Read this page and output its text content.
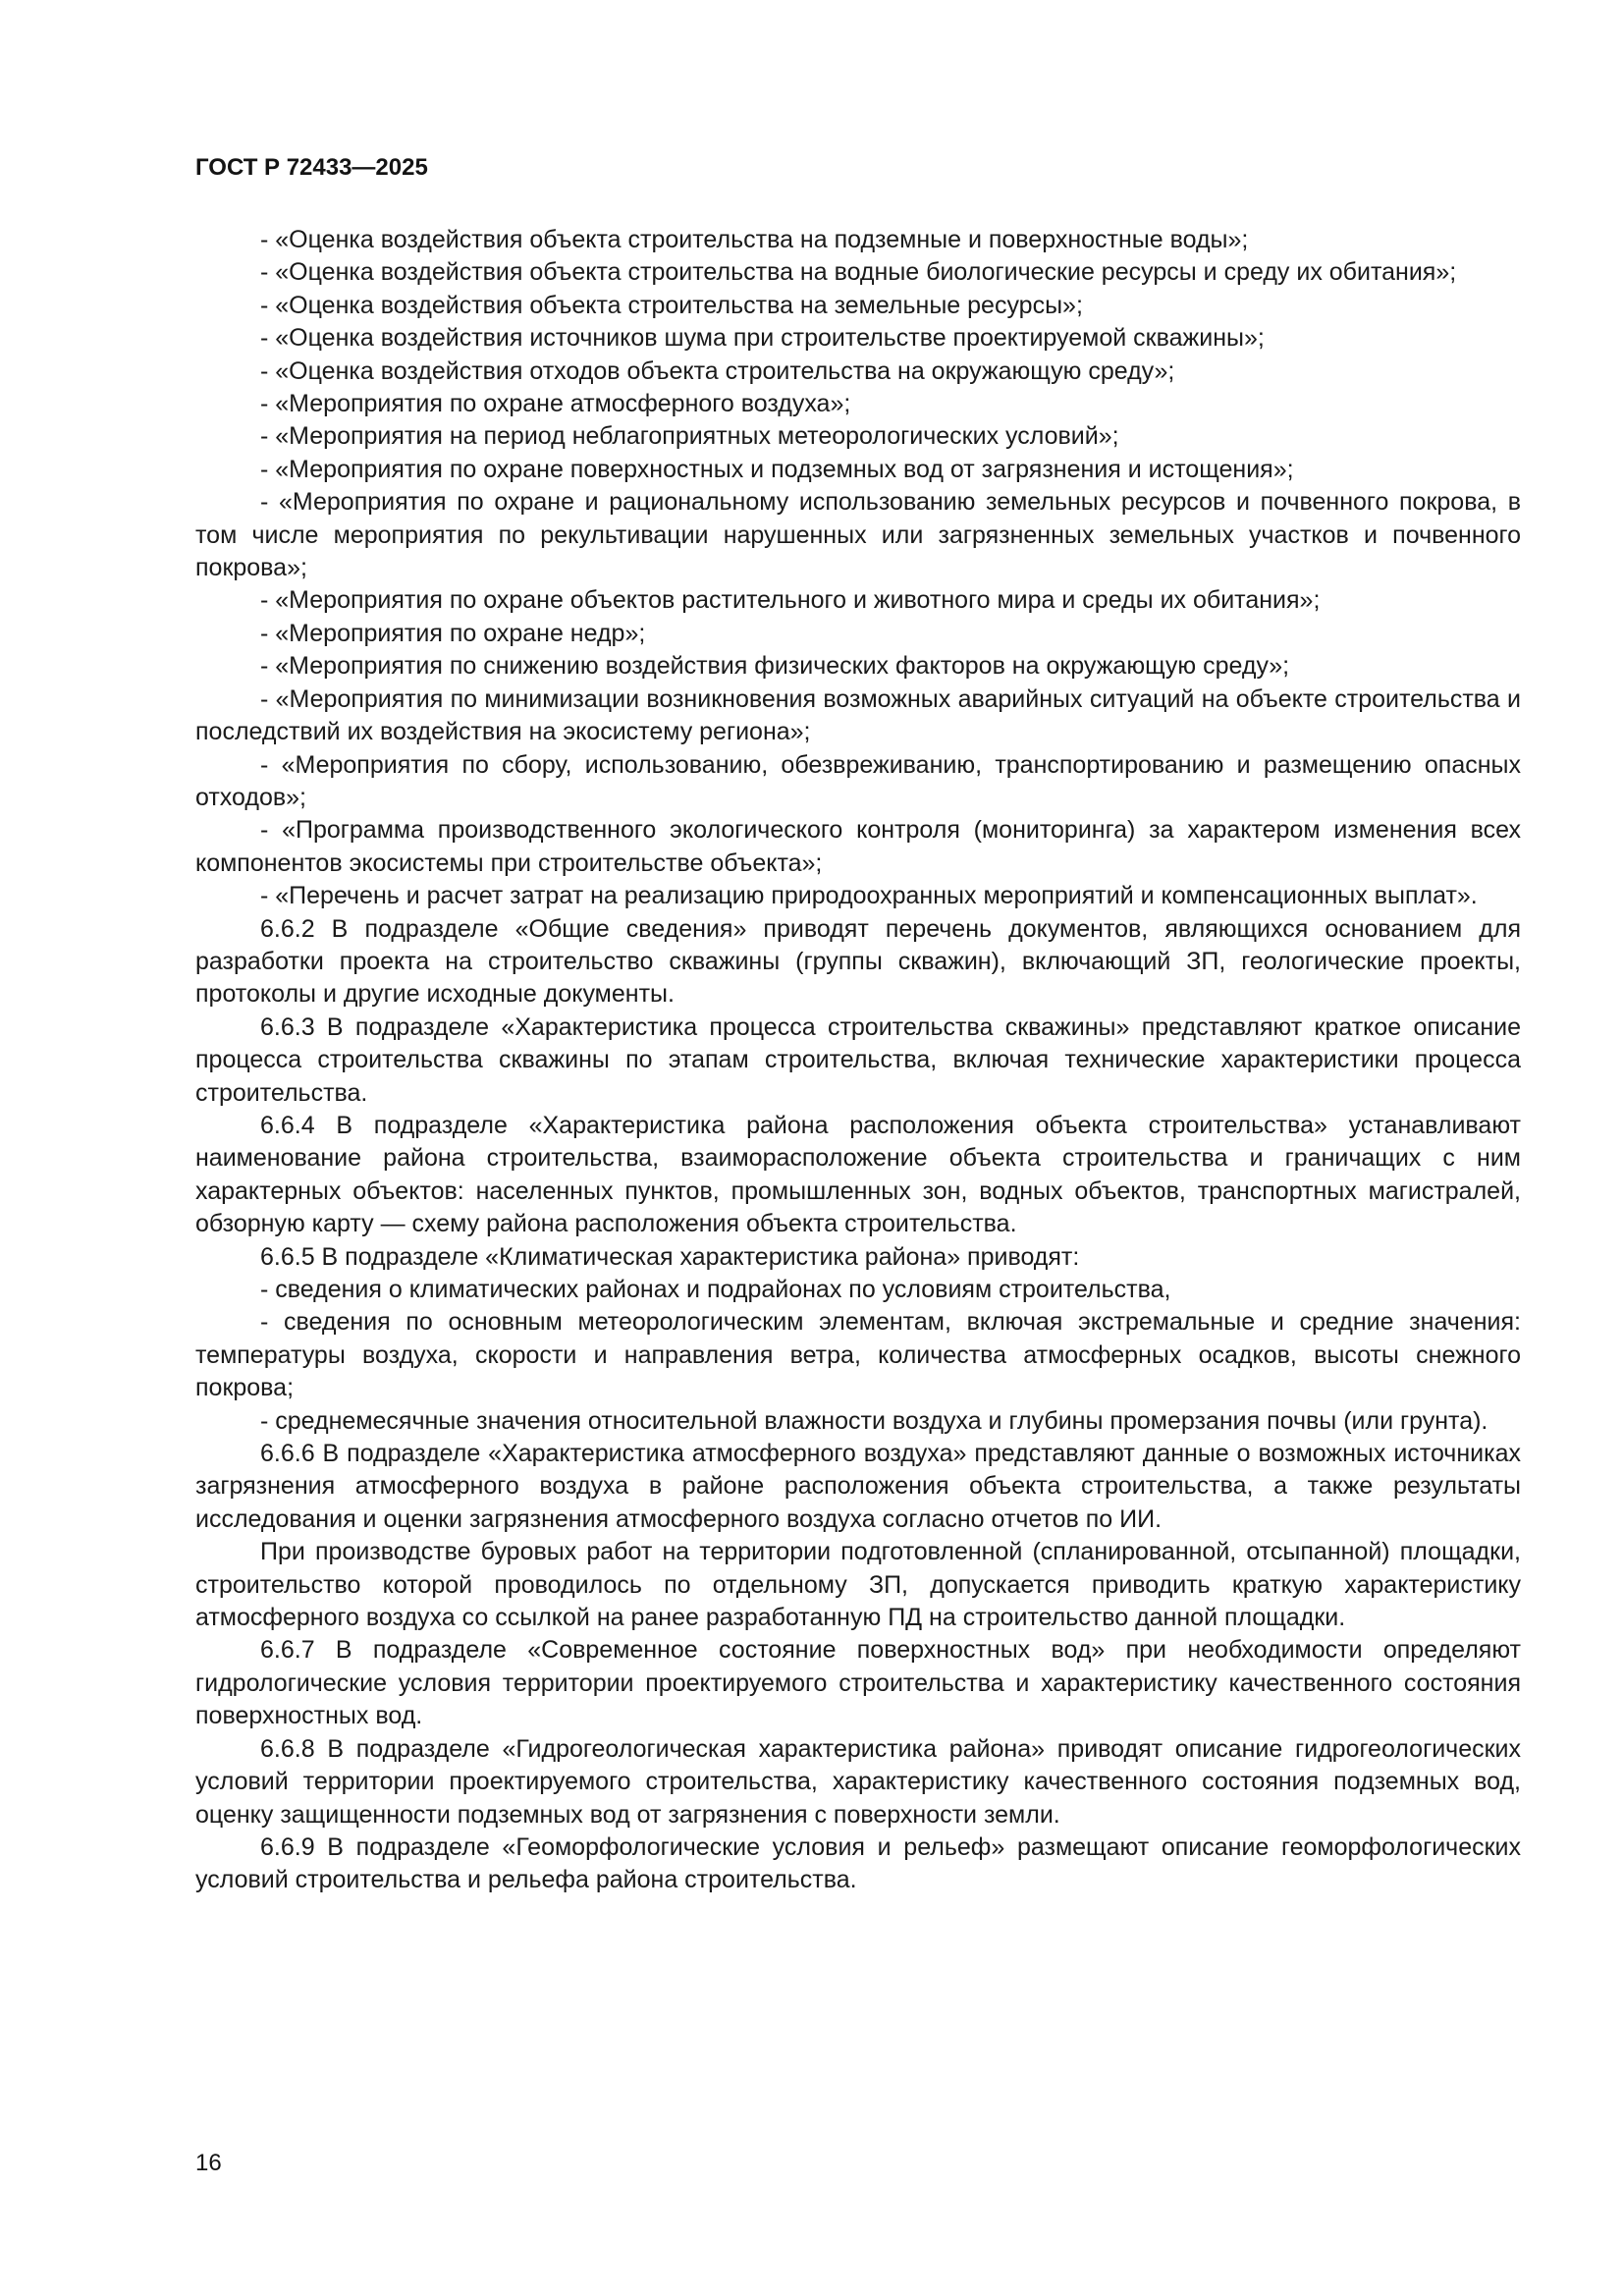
ГОСТ Р 72433—2025

- «Оценка воздействия объекта строительства на подземные и поверхностные воды»;

- «Оценка воздействия объекта строительства на водные биологические ресурсы и среду их обитания»;

- «Оценка воздействия объекта строительства на земельные ресурсы»;

- «Оценка воздействия источников шума при строительстве проектируемой скважины»;

- «Оценка воздействия отходов объекта строительства на окружающую среду»;

- «Мероприятия по охране атмосферного воздуха»;

- «Мероприятия на период неблагоприятных метеорологических условий»;

- «Мероприятия по охране поверхностных и подземных вод от загрязнения и истощения»;

- «Мероприятия по охране и рациональному использованию земельных ресурсов и почвенного покрова, в том числе мероприятия по рекультивации нарушенных или загрязненных земельных участков и почвенного покрова»;

- «Мероприятия по охране объектов растительного и животного мира и среды их обитания»;

- «Мероприятия по охране недр»;

- «Мероприятия по снижению воздействия физических факторов на окружающую среду»;

- «Мероприятия по минимизации возникновения возможных аварийных ситуаций на объекте строительства и последствий их воздействия на экосистему региона»;

- «Мероприятия по сбору, использованию, обезвреживанию, транспортированию и размещению опасных отходов»;

- «Программа производственного экологического контроля (мониторинга) за характером изменения всех компонентов экосистемы при строительстве объекта»;

- «Перечень и расчет затрат на реализацию природоохранных мероприятий и компенсационных выплат».

6.6.2 В подразделе «Общие сведения» приводят перечень документов, являющихся основанием для разработки проекта на строительство скважины (группы скважин), включающий ЗП, геологические проекты, протоколы и другие исходные документы.

6.6.3 В подразделе «Характеристика процесса строительства скважины» представляют краткое описание процесса строительства скважины по этапам строительства, включая технические характеристики процесса строительства.

6.6.4 В подразделе «Характеристика района расположения объекта строительства» устанавливают наименование района строительства, взаиморасположение объекта строительства и граничащих с ним характерных объектов: населенных пунктов, промышленных зон, водных объектов, транспортных магистралей, обзорную карту — схему района расположения объекта строительства.

6.6.5 В подразделе «Климатическая характеристика района» приводят:

- сведения о климатических районах и подрайонах по условиям строительства,

- сведения по основным метеорологическим элементам, включая экстремальные и средние значения: температуры воздуха, скорости и направления ветра, количества атмосферных осадков, высоты снежного покрова;

- среднемесячные значения относительной влажности воздуха и глубины промерзания почвы (или грунта).

6.6.6 В подразделе «Характеристика атмосферного воздуха» представляют данные о возможных источниках загрязнения атмосферного воздуха в районе расположения объекта строительства, а также результаты исследования и оценки загрязнения атмосферного воздуха согласно отчетов по ИИ.

При производстве буровых работ на территории подготовленной (спланированной, отсыпанной) площадки, строительство которой проводилось по отдельному ЗП, допускается приводить краткую характеристику атмосферного воздуха со ссылкой на ранее разработанную ПД на строительство данной площадки.

6.6.7 В подразделе «Современное состояние поверхностных вод» при необходимости определяют гидрологические условия территории проектируемого строительства и характеристику качественного состояния поверхностных вод.

6.6.8 В подразделе «Гидрогеологическая характеристика района» приводят описание гидрогеологических условий территории проектируемого строительства, характеристику качественного состояния подземных вод, оценку защищенности подземных вод от загрязнения с поверхности земли.

6.6.9 В подразделе «Геоморфологические условия и рельеф» размещают описание геоморфологических условий строительства и рельефа района строительства.

16
